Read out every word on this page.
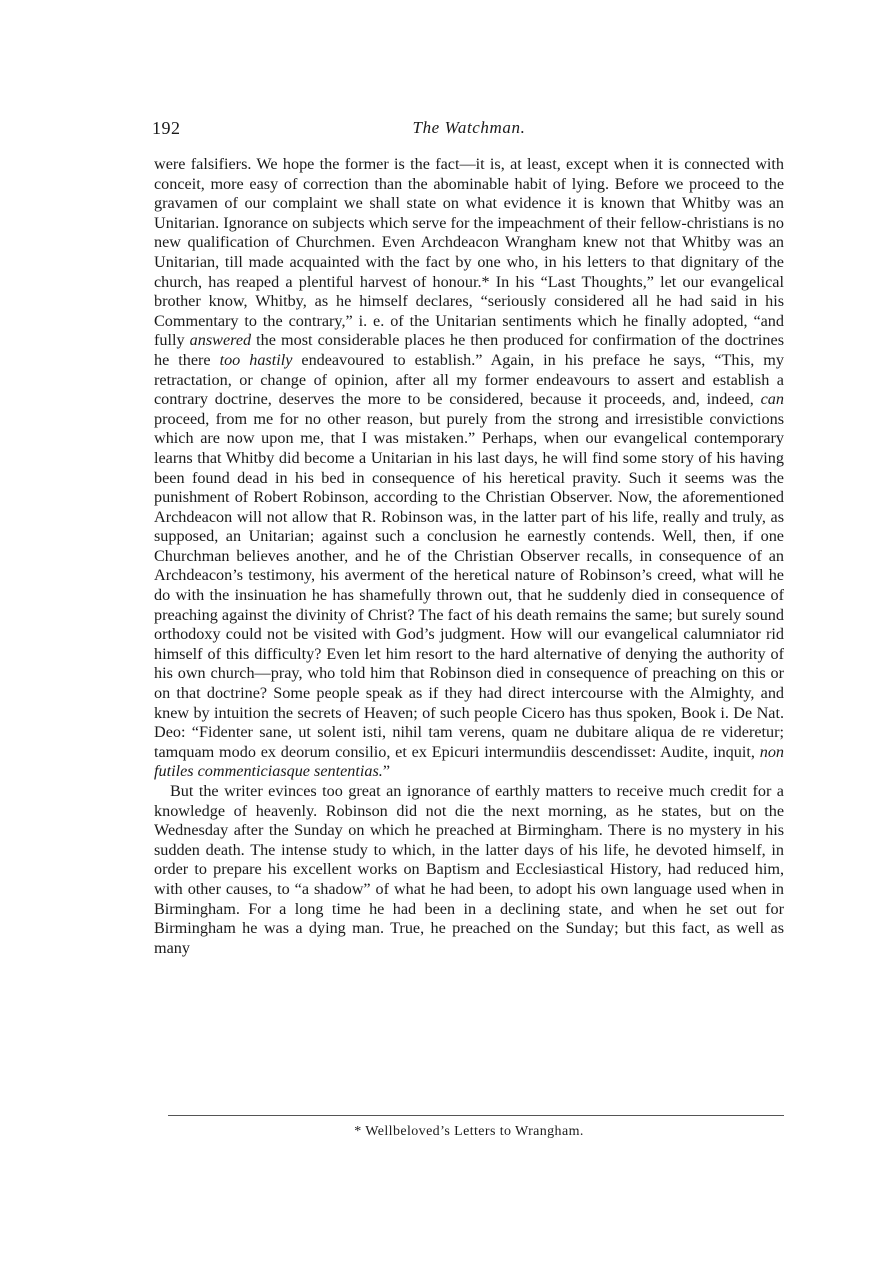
192	The Watchman.

were falsifiers. We hope the former is the fact—it is, at least, except when it is connected with conceit, more easy of correction than the abominable habit of lying. Before we proceed to the gravamen of our complaint we shall state on what evidence it is known that Whitby was an Unitarian. Ignorance on subjects which serve for the impeachment of their fellow-christians is no new qualification of Churchmen. Even Archdeacon Wrangham knew not that Whitby was an Unitarian, till made acquainted with the fact by one who, in his letters to that dignitary of the church, has reaped a plentiful harvest of honour.* In his “Last Thoughts,” let our evangelical brother know, Whitby, as he himself declares, “seriously considered all he had said in his Commentary to the contrary,” i. e. of the Unitarian sentiments which he finally adopted, “and fully answered the most considerable places he then produced for confirmation of the doctrines he there too hastily endeavoured to establish.” Again, in his preface he says, “This, my retractation, or change of opinion, after all my former endeavours to assert and establish a contrary doctrine, deserves the more to be considered, because it proceeds, and, indeed, can proceed, from me for no other reason, but purely from the strong and irresistible convictions which are now upon me, that I was mistaken.” Perhaps, when our evangelical contemporary learns that Whitby did become a Unitarian in his last days, he will find some story of his having been found dead in his bed in consequence of his heretical pravity. Such it seems was the punishment of Robert Robinson, according to the Christian Observer. Now, the aforementioned Archdeacon will not allow that R. Robinson was, in the latter part of his life, really and truly, as supposed, an Unitarian; against such a conclusion he earnestly contends. Well, then, if one Churchman believes another, and he of the Christian Observer recalls, in consequence of an Archdeacon’s testimony, his averment of the heretical nature of Robinson’s creed, what will he do with the insinuation he has shamefully thrown out, that he suddenly died in consequence of preaching against the divinity of Christ? The fact of his death remains the same; but surely sound orthodoxy could not be visited with God’s judgment. How will our evangelical calumniator rid himself of this difficulty? Even let him resort to the hard alternative of denying the authority of his own church—pray, who told him that Robinson died in consequence of preaching on this or on that doctrine? Some people speak as if they had direct intercourse with the Almighty, and knew by intuition the secrets of Heaven; of such people Cicero has thus spoken, Book i. De Nat. Deo: “Fidenter sane, ut solent isti, nihil tam verens, quam ne dubitare aliqua de re videretur; tamquam modo ex deorum consilio, et ex Epicuri intermundiis descendisset: Audite, inquit, non futiles commenticiasque sententias.”

But the writer evinces too great an ignorance of earthly matters to receive much credit for a knowledge of heavenly. Robinson did not die the next morning, as he states, but on the Wednesday after the Sunday on which he preached at Birmingham. There is no mystery in his sudden death. The intense study to which, in the latter days of his life, he devoted himself, in order to prepare his excellent works on Baptism and Ecclesiastical History, had reduced him, with other causes, to “a shadow” of what he had been, to adopt his own language used when in Birmingham. For a long time he had been in a declining state, and when he set out for Birmingham he was a dying man. True, he preached on the Sunday; but this fact, as well as many

* Wellbeloved’s Letters to Wrangham.
